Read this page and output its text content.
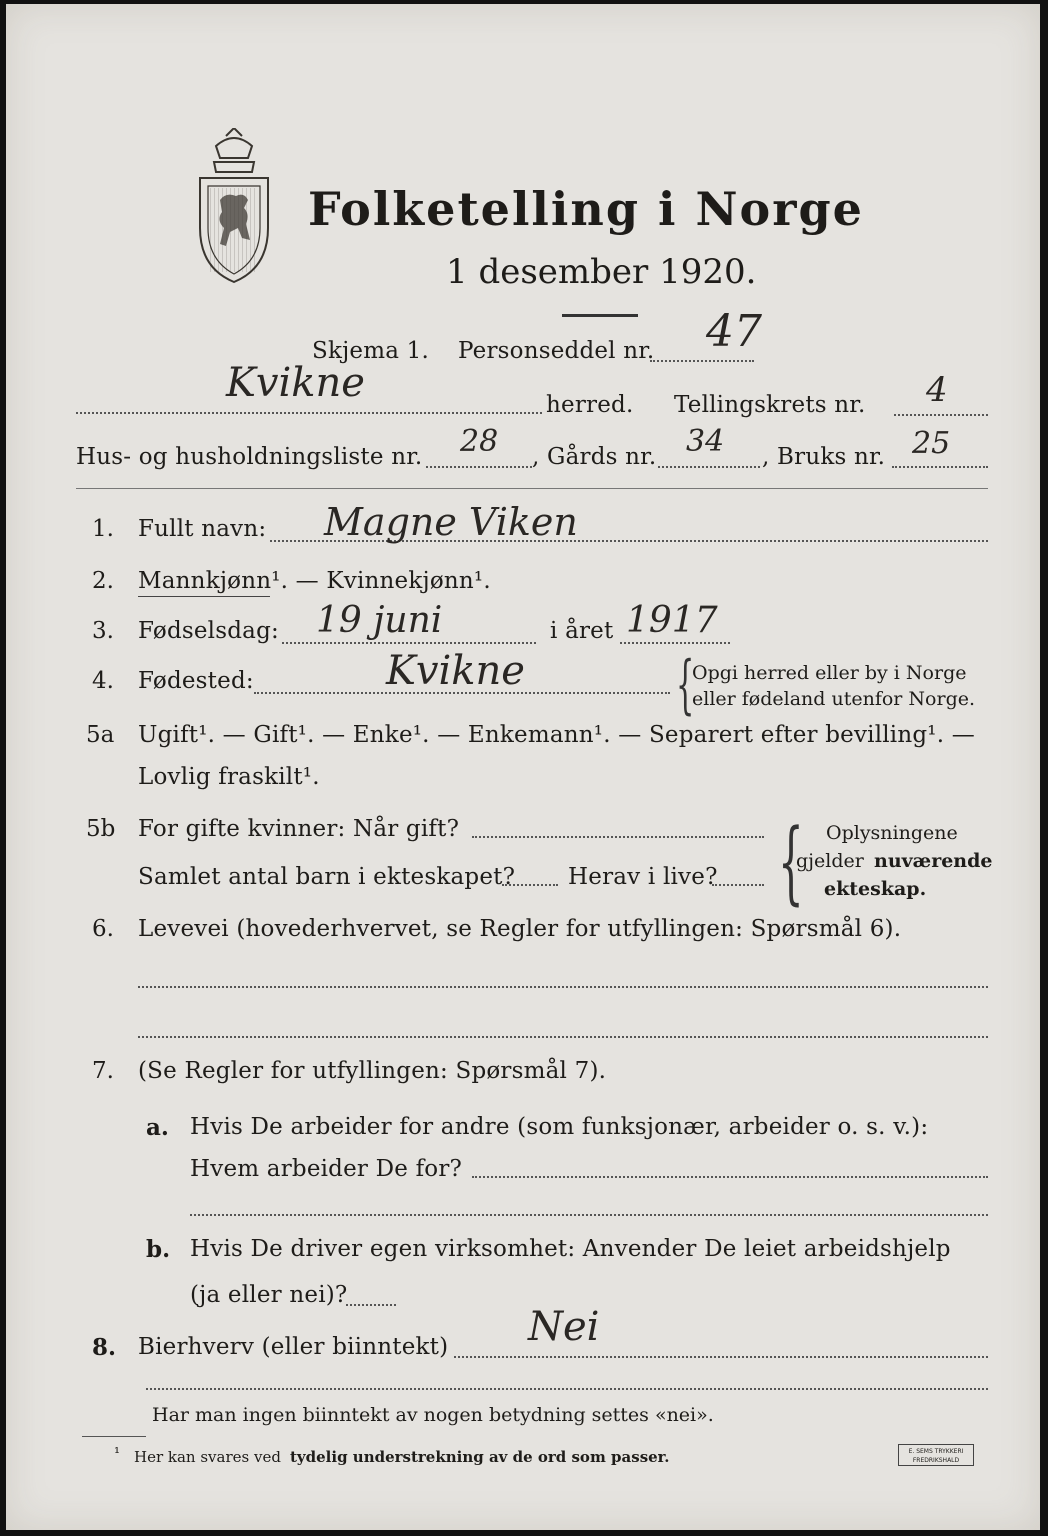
Folketelling i Norge
1 desember 1920.
Skjema 1. Personseddel nr. 47
Kvikne	herred. Tellingskrets nr. 4
Hus- og husholdningsliste nr. 28 , Gårds nr. 34 , Bruks nr. 25
1. Fullt navn: Magne Viken
2. Mannkjønn¹. — Kvinnekjønn¹.
3. Fødselsdag: 19 juni	i året 1917
4. Fødested:	Kvikne {
Opgi herred eller by i Norge
eller fødeland utenfor Norge.
5a Ugift¹. — Gift¹. — Enke¹. — Enkemann¹. — Separert efter bevilling¹. —
Lovlig fraskilt¹.
5b For gifte kvinner: Når gift?
Samlet antal barn i ekteskapet? Herav i live? { Oplysningene
gjelder nuværende
ekteskap.
6. Levevei (hovederhvervet, se Regler for utfyllingen: Spørsmål 6).
7. (Se Regler for utfyllingen: Spørsmål 7).
a. Hvis De arbeider for andre (som funksjonær, arbeider o. s. v.):
Hvem arbeider De for?
b. Hvis De driver egen virksomhet: Anvender De leiet arbeidshjelp
(ja eller nei)?
8. Bierhverv (eller biinntekt) Nei
Har man ingen biinntekt av nogen betydning settes «nei».
¹ Her kan svares ved tydelig understrekning av de ord som passer.	E. SEMS TRYKKERI
FREDRIKSHALD
